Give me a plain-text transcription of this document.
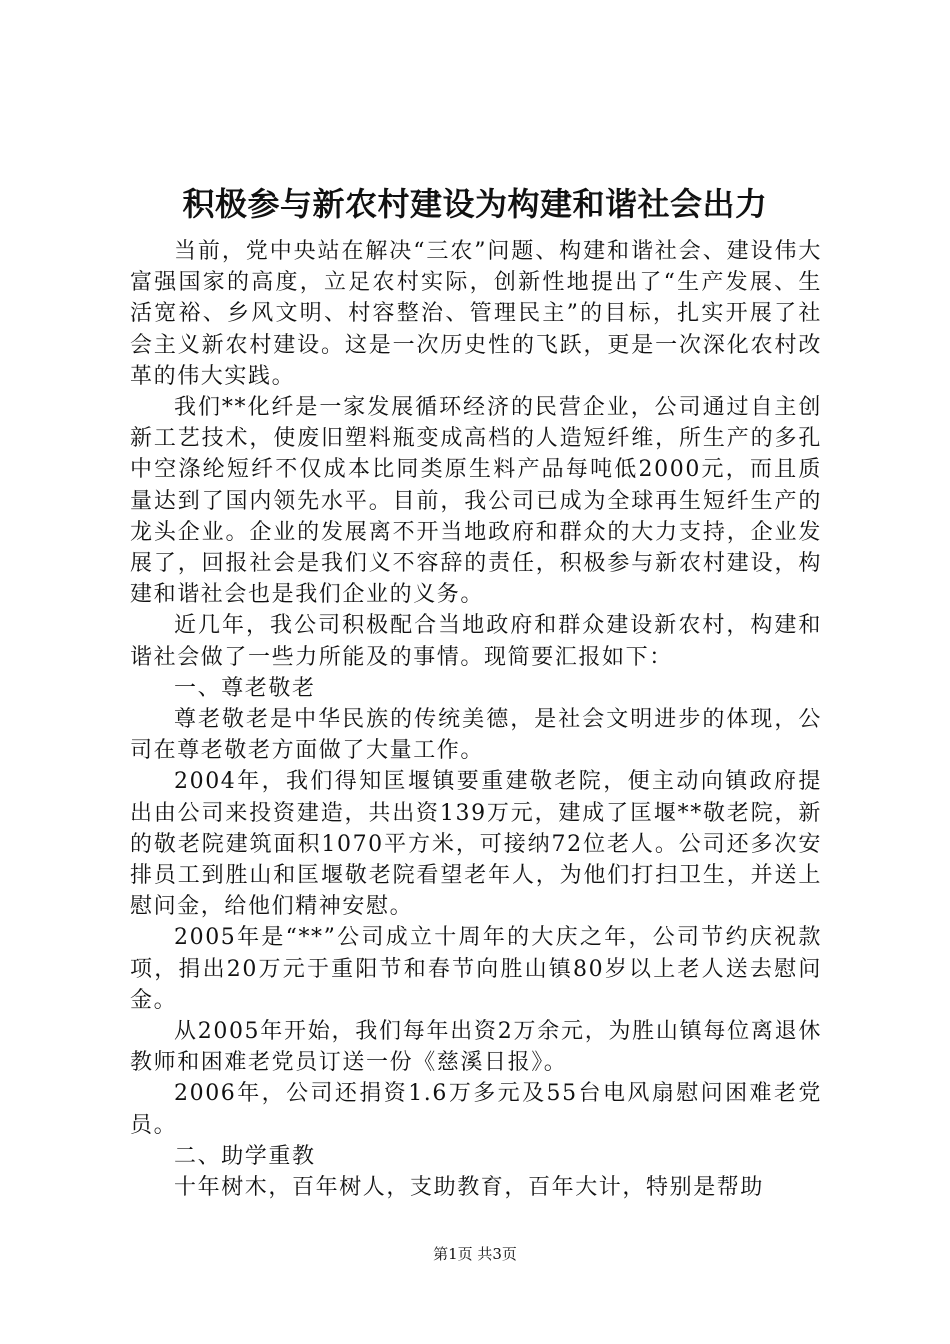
积极参与新农村建设为构建和谐社会出力

当前，党中央站在解决“三农”问题、构建和谐社会、建设伟大富强国家的高度，立足农村实际，创新性地提出了“生产发展、生活宽裕、乡风文明、村容整治、管理民主”的目标，扎实开展了社会主义新农村建设。这是一次历史性的飞跃，更是一次深化农村改革的伟大实践。

我们**化纤是一家发展循环经济的民营企业，公司通过自主创新工艺技术，使废旧塑料瓶变成高档的人造短纤维，所生产的多孔中空涤纶短纤不仅成本比同类原生料产品每吨低2000元，而且质量达到了国内领先水平。目前，我公司已成为全球再生短纤生产的龙头企业。企业的发展离不开当地政府和群众的大力支持，企业发展了，回报社会是我们义不容辞的责任，积极参与新农村建设，构建和谐社会也是我们企业的义务。

近几年，我公司积极配合当地政府和群众建设新农村，构建和谐社会做了一些力所能及的事情。现简要汇报如下：

一、尊老敬老

尊老敬老是中华民族的传统美德，是社会文明进步的体现，公司在尊老敬老方面做了大量工作。

2004年，我们得知匡堰镇要重建敬老院，便主动向镇政府提出由公司来投资建造，共出资139万元，建成了匡堰**敬老院，新的敬老院建筑面积1070平方米，可接纳72位老人。公司还多次安排员工到胜山和匡堰敬老院看望老年人，为他们打扫卫生，并送上慰问金，给他们精神安慰。

2005年是“**”公司成立十周年的大庆之年，公司节约庆祝款项，捐出20万元于重阳节和春节向胜山镇80岁以上老人送去慰问金。

从2005年开始，我们每年出资2万余元，为胜山镇每位离退休教师和困难老党员订送一份《慈溪日报》。

2006年，公司还捐资1.6万多元及55台电风扇慰问困难老党员。

二、助学重教

十年树木，百年树人，支助教育，百年大计，特别是帮助

第1页 共3页
